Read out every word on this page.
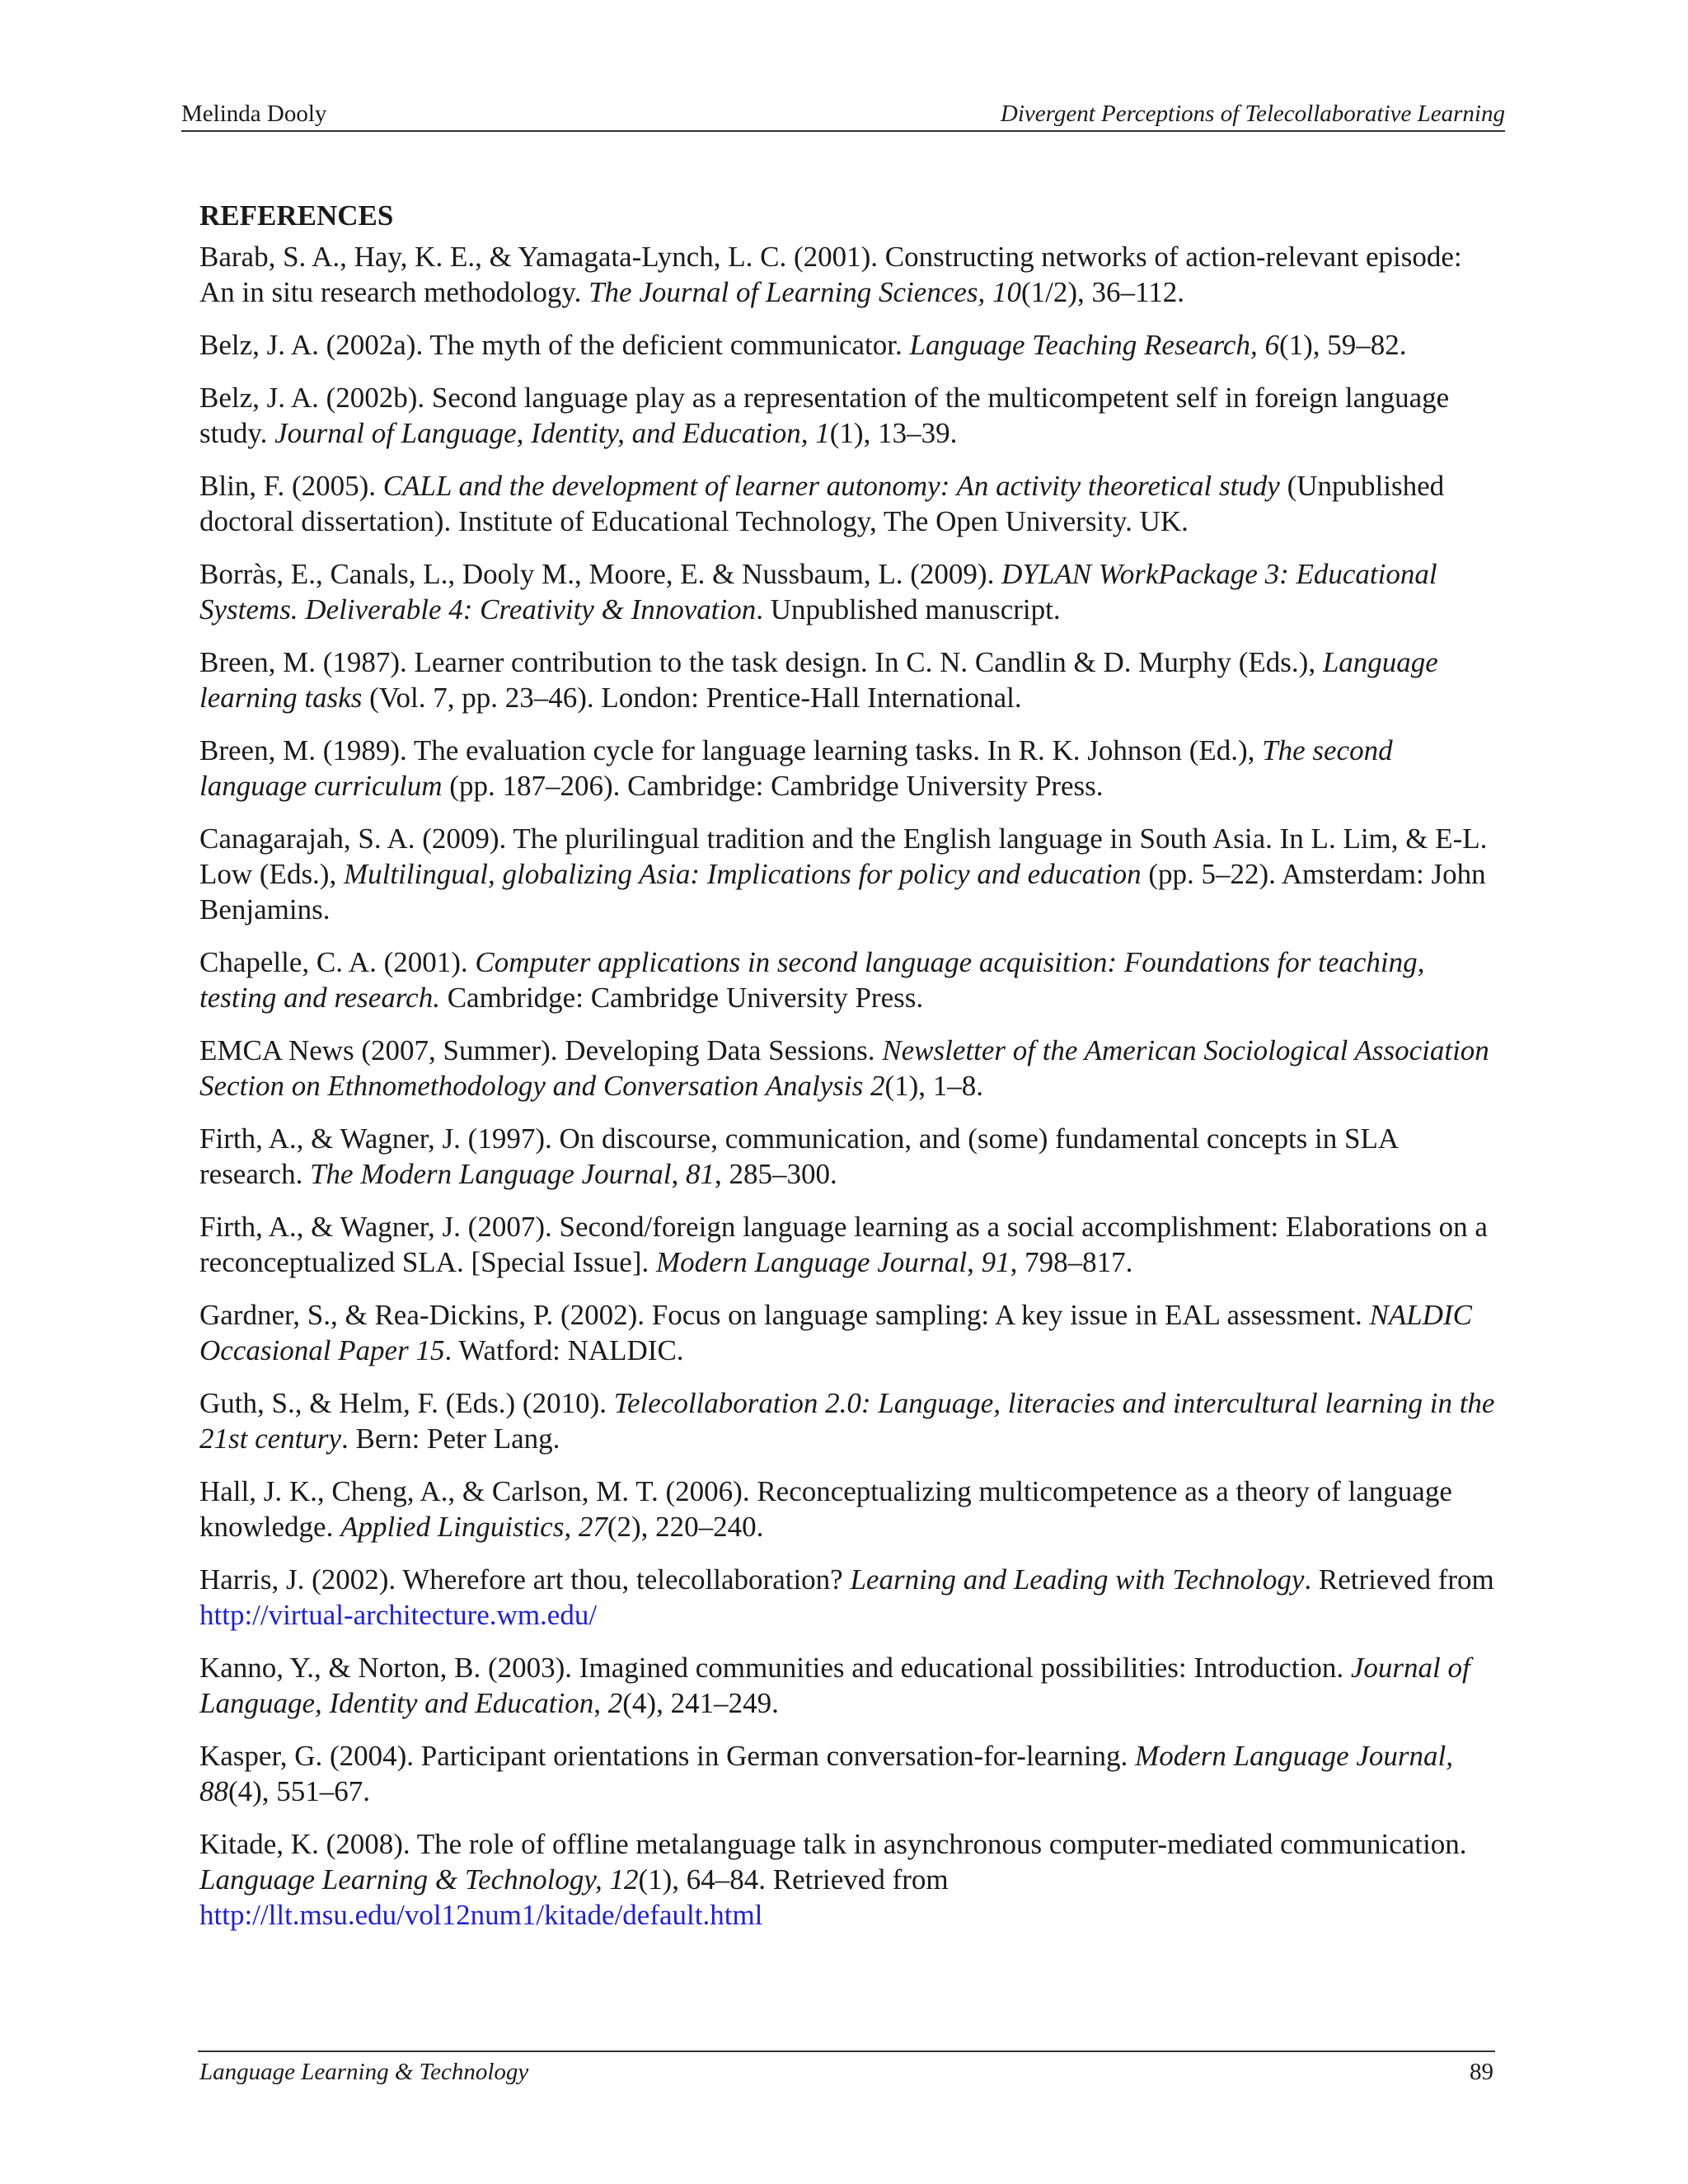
Melinda Dooly	Divergent Perceptions of Telecollaborative Learning
REFERENCES

Barab, S. A., Hay, K. E., & Yamagata-Lynch, L. C. (2001). Constructing networks of action-relevant episode: An in situ research methodology. The Journal of Learning Sciences, 10(1/2), 36–112.

Belz, J. A. (2002a). The myth of the deficient communicator. Language Teaching Research, 6(1), 59–82.

Belz, J. A. (2002b). Second language play as a representation of the multicompetent self in foreign language study. Journal of Language, Identity, and Education, 1(1), 13–39.

Blin, F. (2005). CALL and the development of learner autonomy: An activity theoretical study (Unpublished doctoral dissertation). Institute of Educational Technology, The Open University. UK.

Borràs, E., Canals, L., Dooly M., Moore, E. & Nussbaum, L. (2009). DYLAN WorkPackage 3: Educational Systems. Deliverable 4: Creativity & Innovation. Unpublished manuscript.

Breen, M. (1987). Learner contribution to the task design. In C. N. Candlin & D. Murphy (Eds.), Language learning tasks (Vol. 7, pp. 23–46). London: Prentice-Hall International.

Breen, M. (1989). The evaluation cycle for language learning tasks. In R. K. Johnson (Ed.), The second language curriculum (pp. 187–206). Cambridge: Cambridge University Press.

Canagarajah, S. A. (2009). The plurilingual tradition and the English language in South Asia. In L. Lim, & E-L. Low (Eds.), Multilingual, globalizing Asia: Implications for policy and education (pp. 5–22). Amsterdam: John Benjamins.

Chapelle, C. A. (2001). Computer applications in second language acquisition: Foundations for teaching, testing and research. Cambridge: Cambridge University Press.

EMCA News (2007, Summer). Developing Data Sessions. Newsletter of the American Sociological Association Section on Ethnomethodology and Conversation Analysis 2(1), 1–8.

Firth, A., & Wagner, J. (1997). On discourse, communication, and (some) fundamental concepts in SLA research. The Modern Language Journal, 81, 285–300.

Firth, A., & Wagner, J. (2007). Second/foreign language learning as a social accomplishment: Elaborations on a reconceptualized SLA. [Special Issue]. Modern Language Journal, 91, 798–817.

Gardner, S., & Rea-Dickins, P. (2002). Focus on language sampling: A key issue in EAL assessment. NALDIC Occasional Paper 15. Watford: NALDIC.

Guth, S., & Helm, F. (Eds.) (2010). Telecollaboration 2.0: Language, literacies and intercultural learning in the 21st century. Bern: Peter Lang.

Hall, J. K., Cheng, A., & Carlson, M. T. (2006). Reconceptualizing multicompetence as a theory of language knowledge. Applied Linguistics, 27(2), 220–240.

Harris, J. (2002). Wherefore art thou, telecollaboration? Learning and Leading with Technology. Retrieved from http://virtual-architecture.wm.edu/

Kanno, Y., & Norton, B. (2003). Imagined communities and educational possibilities: Introduction. Journal of Language, Identity and Education, 2(4), 241–249.

Kasper, G. (2004). Participant orientations in German conversation-for-learning. Modern Language Journal, 88(4), 551–67.

Kitade, K. (2008). The role of offline metalanguage talk in asynchronous computer-mediated communication. Language Learning & Technology, 12(1), 64–84. Retrieved from http://llt.msu.edu/vol12num1/kitade/default.html

Language Learning & Technology	89
